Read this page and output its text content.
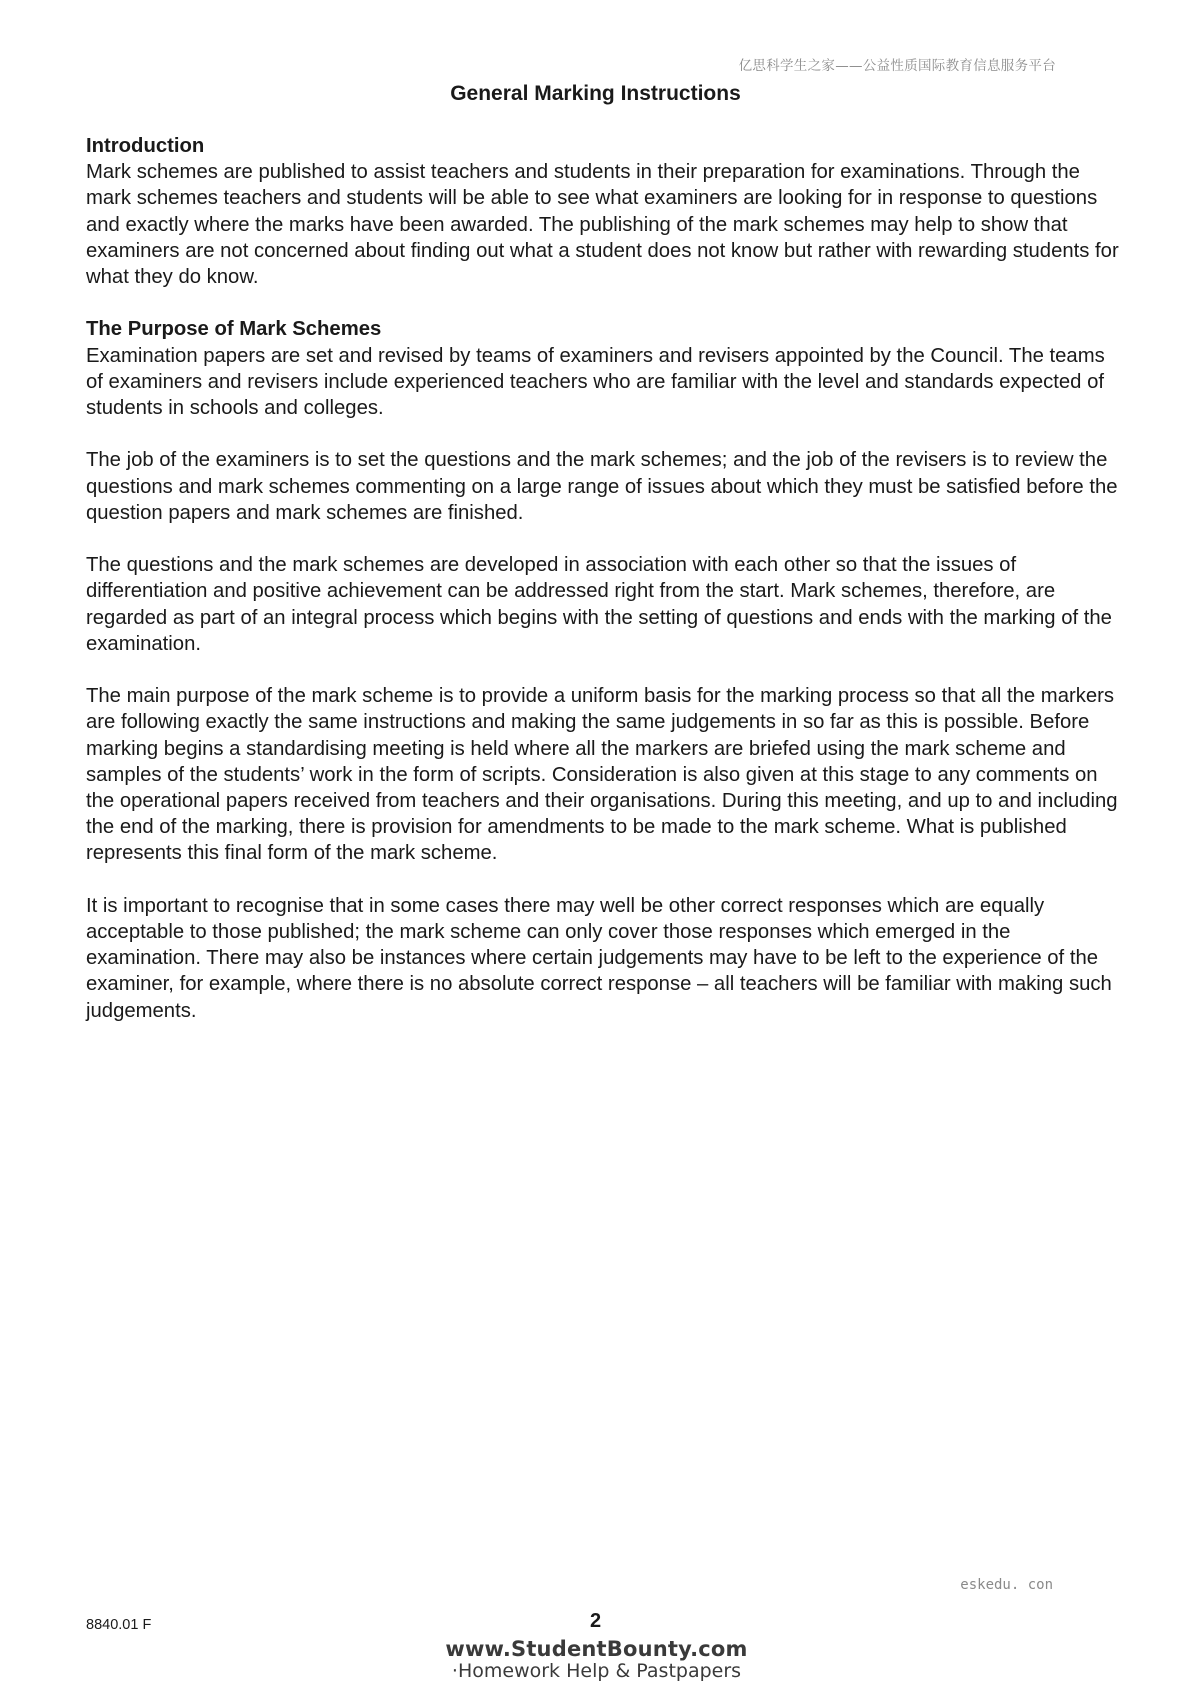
亿思科学生之家——公益性质国际教育信息服务平台
General Marking Instructions
Introduction

Mark schemes are published to assist teachers and students in their preparation for examinations. Through the mark schemes teachers and students will be able to see what examiners are looking for in response to questions and exactly where the marks have been awarded. The publishing of the mark schemes may help to show that examiners are not concerned about finding out what a student does not know but rather with rewarding students for what they do know.

The Purpose of Mark Schemes

Examination papers are set and revised by teams of examiners and revisers appointed by the Council. The teams of examiners and revisers include experienced teachers who are familiar with the level and standards expected of students in schools and colleges.

The job of the examiners is to set the questions and the mark schemes; and the job of the revisers is to review the questions and mark schemes commenting on a large range of issues about which they must be satisfied before the question papers and mark schemes are finished.

The questions and the mark schemes are developed in association with each other so that the issues of differentiation and positive achievement can be addressed right from the start. Mark schemes, therefore, are regarded as part of an integral process which begins with the setting of questions and ends with the marking of the examination.

The main purpose of the mark scheme is to provide a uniform basis for the marking process so that all the markers are following exactly the same instructions and making the same judgements in so far as this is possible. Before marking begins a standardising meeting is held where all the markers are briefed using the mark scheme and samples of the students’ work in the form of scripts. Consideration is also given at this stage to any comments on the operational papers received from teachers and their organisations. During this meeting, and up to and including the end of the marking, there is provision for amendments to be made to the mark scheme. What is published represents this final form of the mark scheme.

It is important to recognise that in some cases there may well be other correct responses which are equally acceptable to those published; the mark scheme can only cover those responses which emerged in the examination. There may also be instances where certain judgements may have to be left to the experience of the examiner, for example, where there is no absolute correct response – all teachers will be familiar with making such judgements.

eskedu. con
8840.01 F	2
www.StudentBounty.com
·Homework Help & Pastpapers
